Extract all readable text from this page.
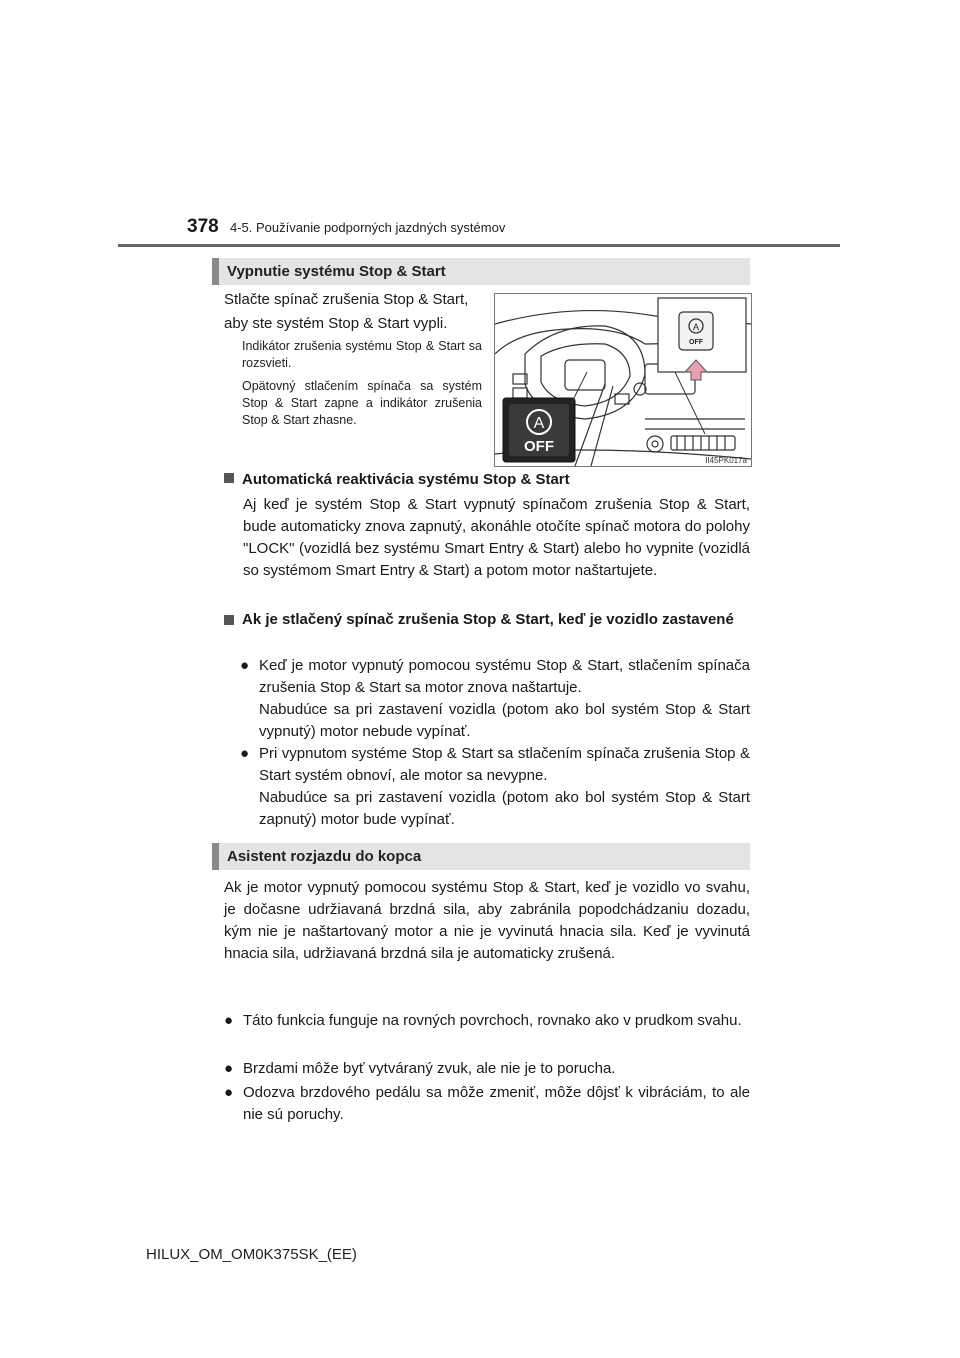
378 4-5. Používanie podporných jazdných systémov
Vypnutie systému Stop & Start
Stlačte spínač zrušenia Stop & Start, aby ste systém Stop & Start vypli.
Indikátor zrušenia systému Stop & Start sa rozsvieti.
Opätovný stlačením spínača sa systém Stop & Start zapne a indikátor zrušenia Stop & Start zhasne.
A
OFF
A
OFF
II45PK017a
Automatická reaktivácia systému Stop & Start
Aj keď je systém Stop & Start vypnutý spínačom zrušenia Stop & Start, bude automaticky znova zapnutý, akonáhle otočíte spínač motora do polohy "LOCK" (vozidlá bez systému Smart Entry & Start) alebo ho vypnite (vozidlá so systémom Smart Entry & Start) a potom motor naštartujete.
Ak je stlačený spínač zrušenia Stop & Start, keď je vozidlo zastavené
● Keď je motor vypnutý pomocou systému Stop & Start, stlačením spínača zrušenia Stop & Start sa motor znova naštartuje.
Nabudúce sa pri zastavení vozidla (potom ako bol systém Stop & Start vypnutý) motor nebude vypínať.
● Pri vypnutom systéme Stop & Start sa stlačením spínača zrušenia Stop & Start systém obnoví, ale motor sa nevypne.
Nabudúce sa pri zastavení vozidla (potom ako bol systém Stop & Start zapnutý) motor bude vypínať.
Asistent rozjazdu do kopca
Ak je motor vypnutý pomocou systému Stop & Start, keď je vozidlo vo svahu, je dočasne udržiavaná brzdná sila, aby zabránila popodchádzaniu dozadu, kým nie je naštartovaný motor a nie je vyvinutá hnacia sila. Keď je vyvinutá hnacia sila, udržiavaná brzdná sila je automaticky zrušená.
● Táto funkcia funguje na rovných povrchoch, rovnako ako v prudkom svahu.
● Brzdami môže byť vytváraný zvuk, ale nie je to porucha.
● Odozva brzdového pedálu sa môže zmeniť, môže dôjsť k vibráciám, to ale nie sú poruchy.
HILUX_OM_OM0K375SK_(EE)
